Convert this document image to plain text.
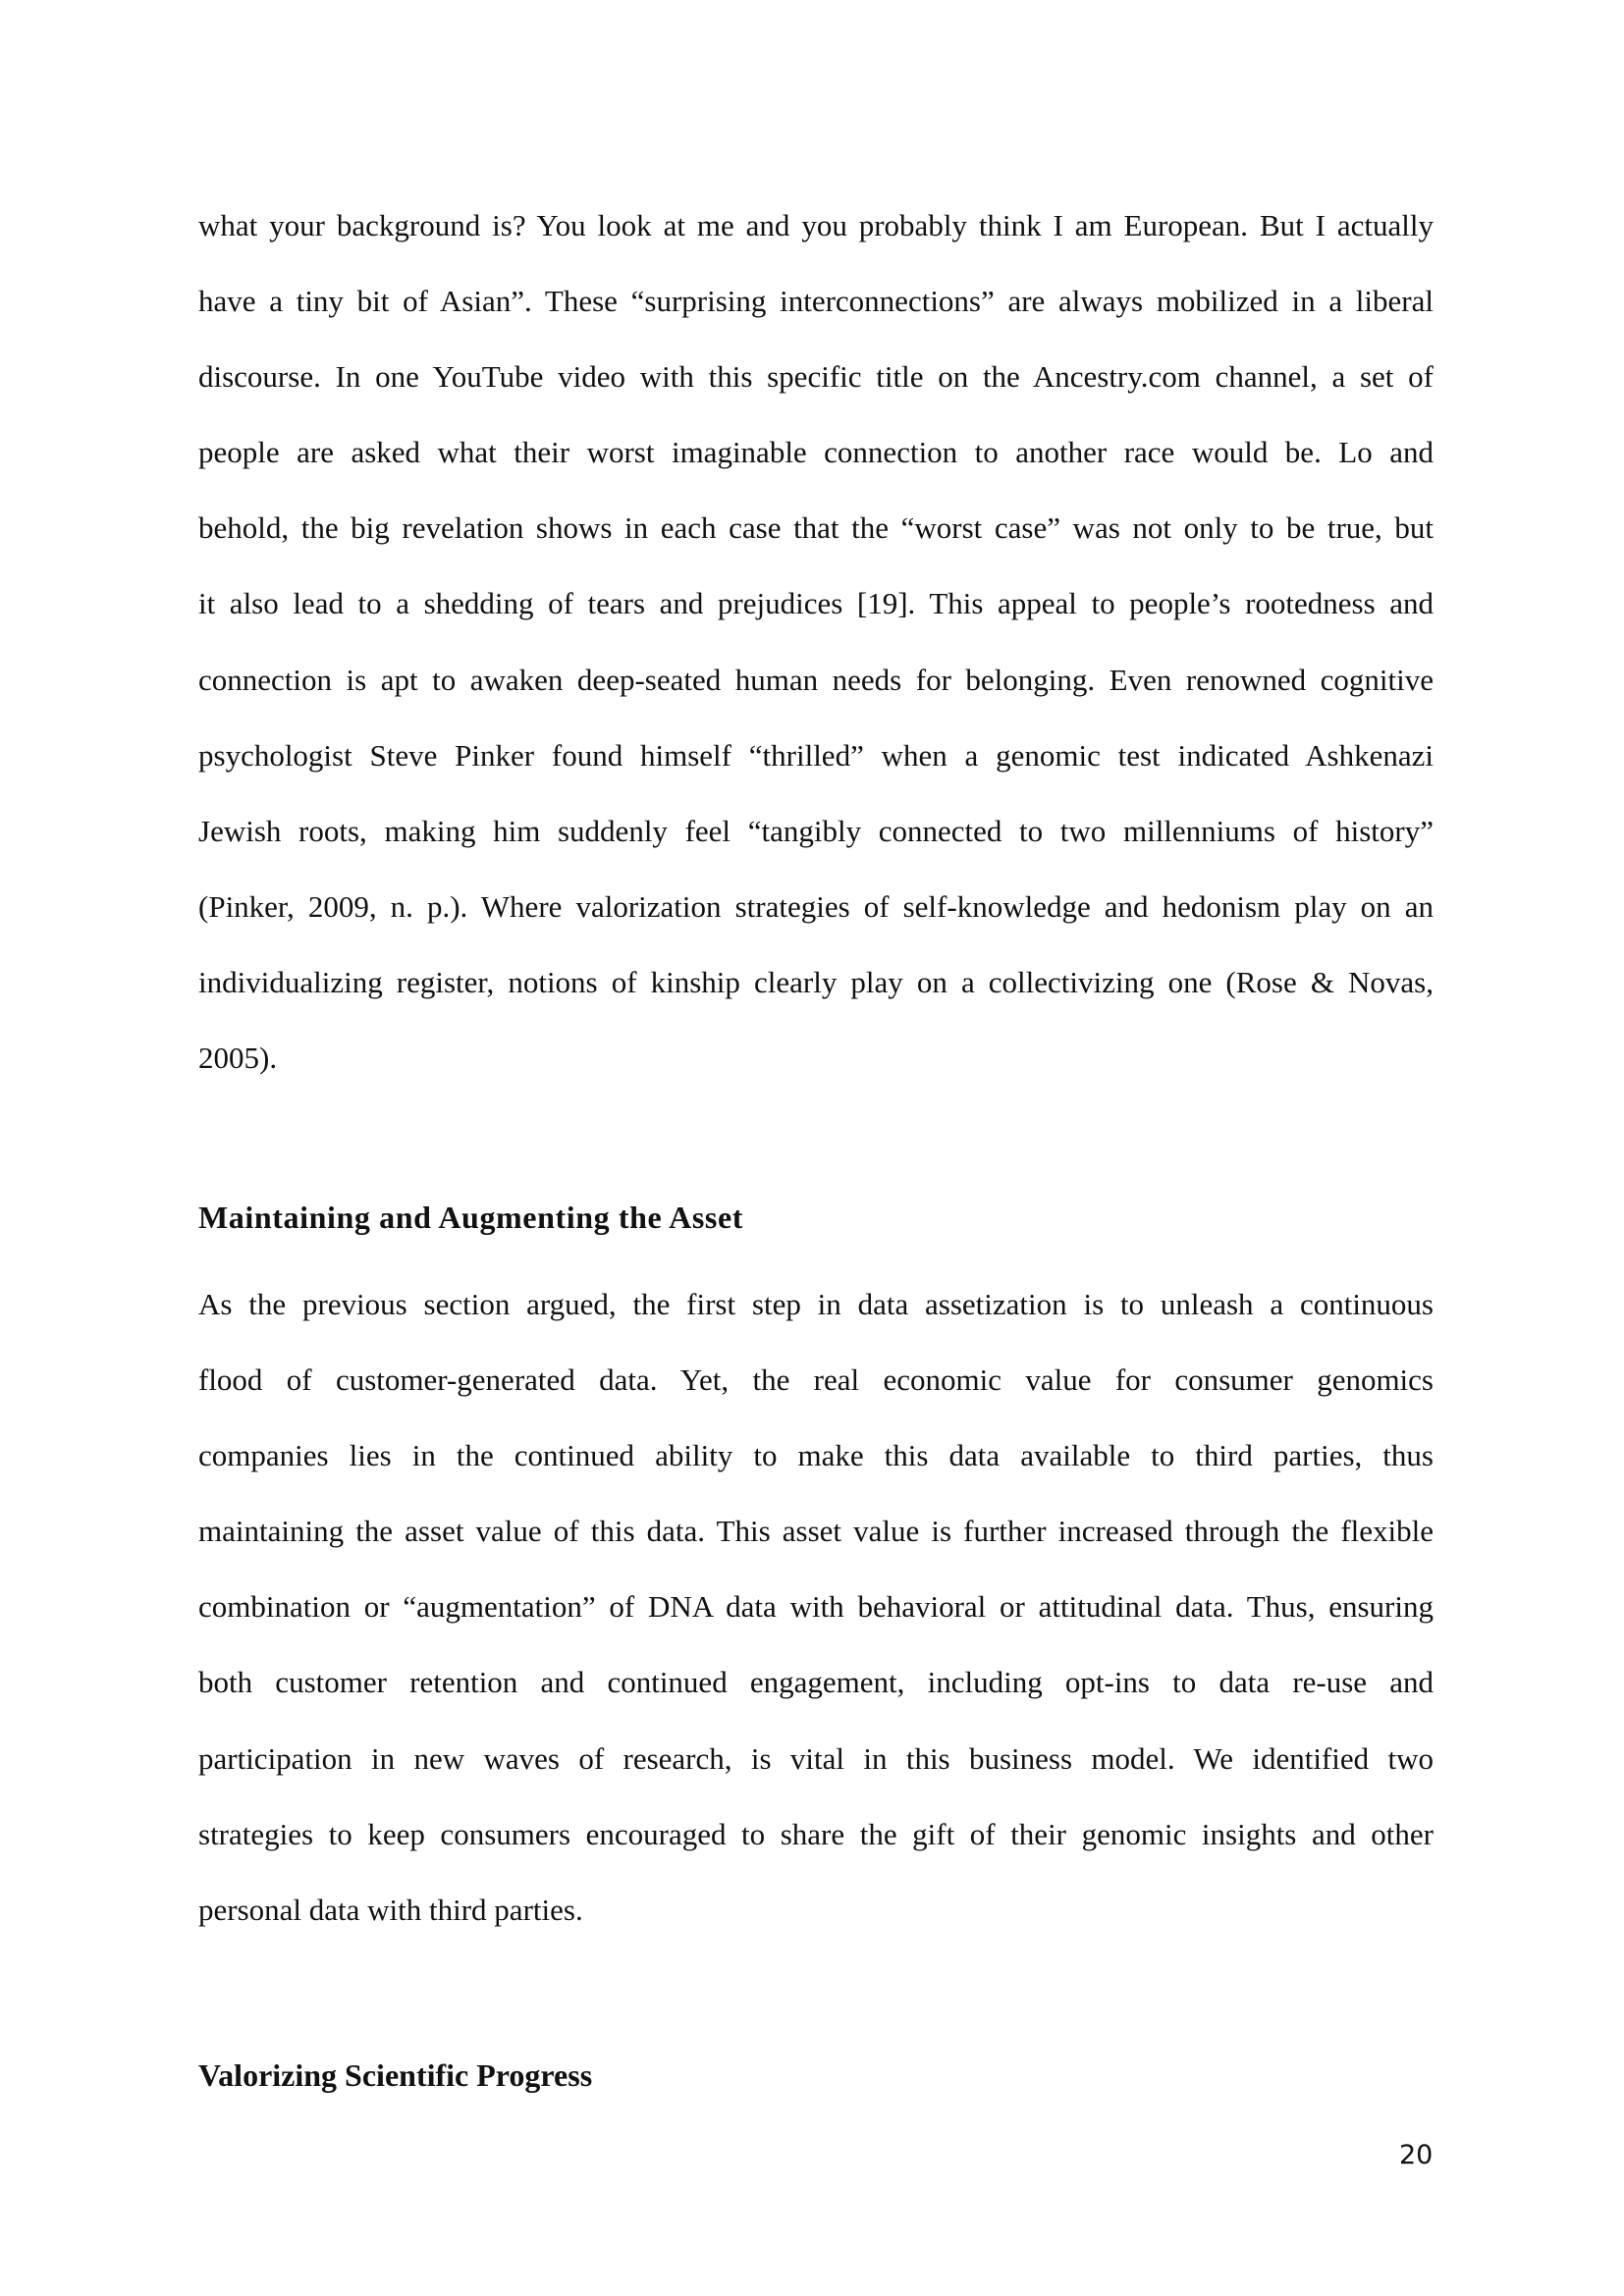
what your background is? You look at me and you probably think I am European. But I actually
have a tiny bit of Asian”. These “surprising interconnections” are always mobilized in a liberal
discourse. In one YouTube video with this specific title on the Ancestry.com channel, a set of
people are asked what their worst imaginable connection to another race would be. Lo and
behold, the big revelation shows in each case that the “worst case” was not only to be true, but
it also lead to a shedding of tears and prejudices [19]. This appeal to people’s rootedness and
connection is apt to awaken deep-seated human needs for belonging. Even renowned cognitive
psychologist Steve Pinker found himself “thrilled” when a genomic test indicated Ashkenazi
Jewish roots, making him suddenly feel “tangibly connected to two millenniums of history”
(Pinker, 2009, n. p.). Where valorization strategies of self-knowledge and hedonism play on an
individualizing register, notions of kinship clearly play on a collectivizing one (Rose & Novas,
2005).

Maintaining and Augmenting the Asset

As the previous section argued, the first step in data assetization is to unleash a continuous
flood of customer-generated data. Yet, the real economic value for consumer genomics
companies lies in the continued ability to make this data available to third parties, thus
maintaining the asset value of this data. This asset value is further increased through the flexible
combination or “augmentation” of DNA data with behavioral or attitudinal data. Thus, ensuring
both customer retention and continued engagement, including opt-ins to data re-use and
participation in new waves of research, is vital in this business model. We identified two
strategies to keep consumers encouraged to share the gift of their genomic insights and other
personal data with third parties.

Valorizing Scientific Progress
20
